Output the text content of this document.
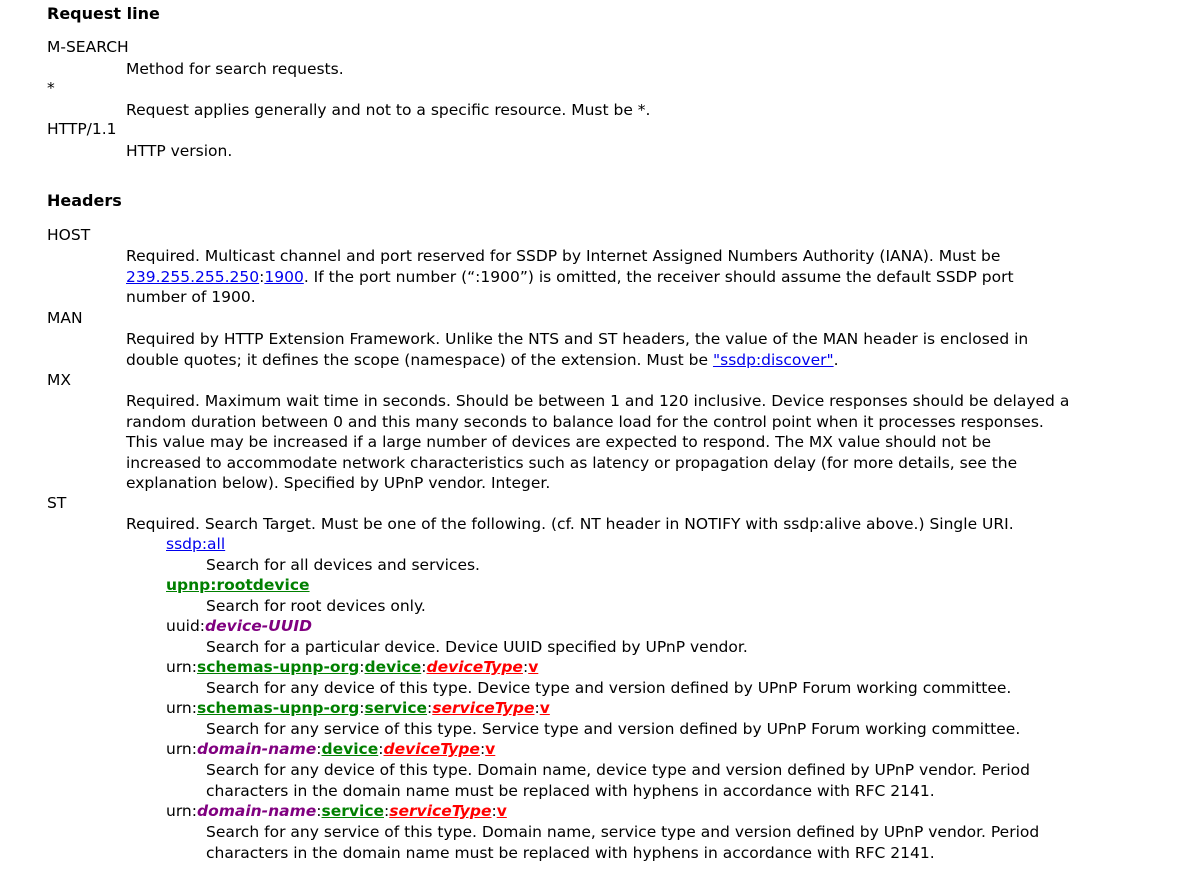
Request line
M-SEARCH
Method for search requests.
*
Request applies generally and not to a specific resource. Must be *.
HTTP/1.1
HTTP version.
Headers
HOST
Required. Multicast channel and port reserved for SSDP by Internet Assigned Numbers Authority (IANA). Must be
239.255.255.250:1900. If the port number (“:1900”) is omitted, the receiver should assume the default SSDP port
number of 1900.
MAN
Required by HTTP Extension Framework. Unlike the NTS and ST headers, the value of the MAN header is enclosed in
double quotes; it defines the scope (namespace) of the extension. Must be "ssdp:discover".
MX
Required. Maximum wait time in seconds. Should be between 1 and 120 inclusive. Device responses should be delayed a
random duration between 0 and this many seconds to balance load for the control point when it processes responses.
This value may be increased if a large number of devices are expected to respond. The MX value should not be
increased to accommodate network characteristics such as latency or propagation delay (for more details, see the
explanation below). Specified by UPnP vendor. Integer.
ST
Required. Search Target. Must be one of the following. (cf. NT header in NOTIFY with ssdp:alive above.) Single URI.
ssdp:all
Search for all devices and services.
upnp:rootdevice
Search for root devices only.
uuid:device-UUID
Search for a particular device. Device UUID specified by UPnP vendor.
urn:schemas-upnp-org:device:deviceType:v
Search for any device of this type. Device type and version defined by UPnP Forum working committee.
urn:schemas-upnp-org:service:serviceType:v
Search for any service of this type. Service type and version defined by UPnP Forum working committee.
urn:domain-name:device:deviceType:v
Search for any device of this type. Domain name, device type and version defined by UPnP vendor. Period
characters in the domain name must be replaced with hyphens in accordance with RFC 2141.
urn:domain-name:service:serviceType:v
Search for any service of this type. Domain name, service type and version defined by UPnP vendor. Period
characters in the domain name must be replaced with hyphens in accordance with RFC 2141.
